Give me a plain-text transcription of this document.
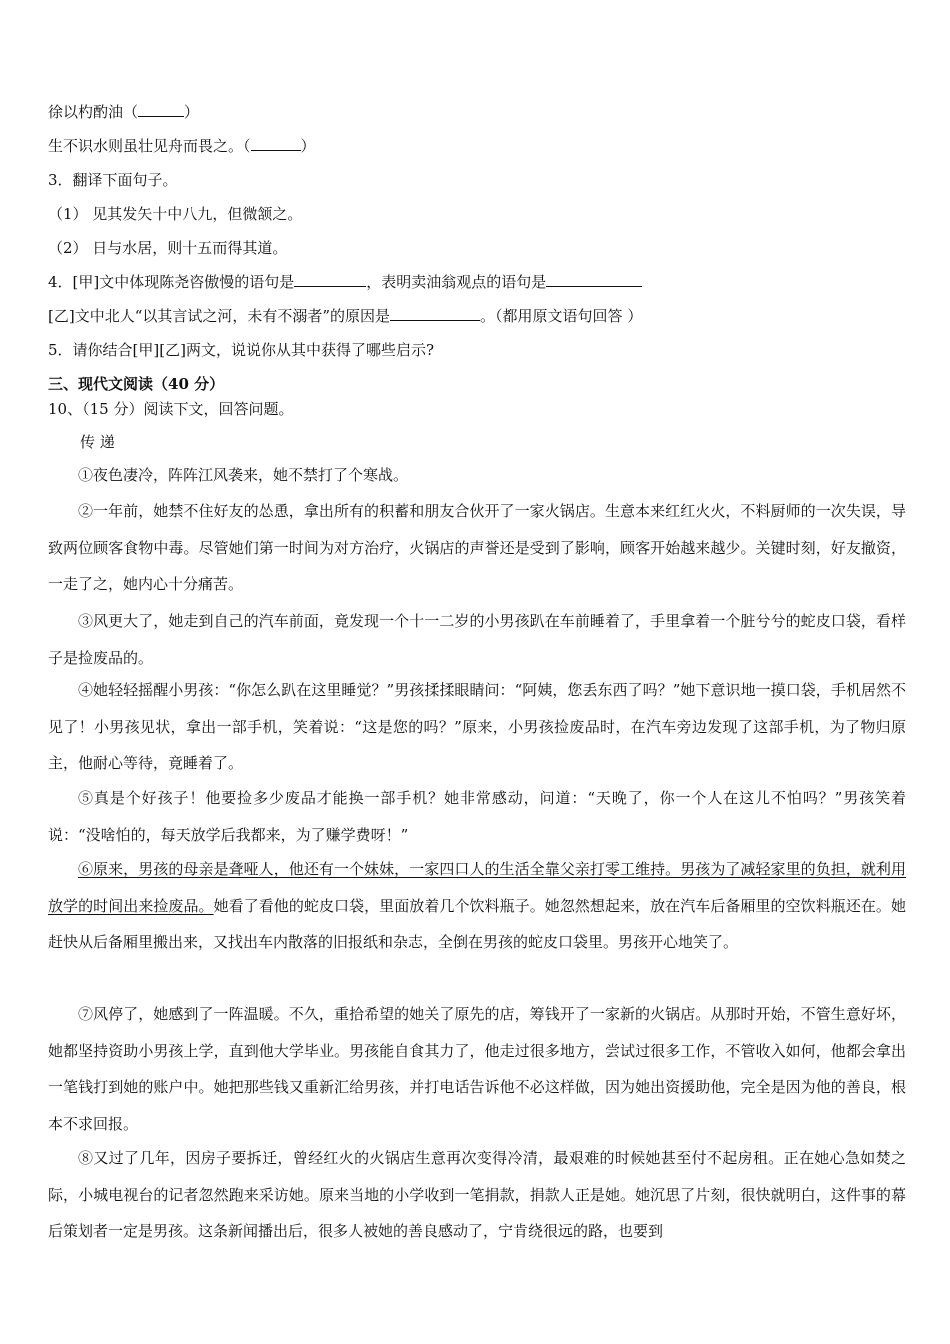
徐以杓酌油（	）
生不识水则虽壮见舟而畏之。（	）
3．翻译下面句子。
（1） 见其发矢十中八九，但微颔之。
（2） 日与水居，则十五而得其道。
4．[甲]文中体现陈尧咨傲慢的语句是	，表明卖油翁观点的语句是
[乙]文中北人“以其言试之河，未有不溺者”的原因是	。（都用原文语句回答 ）
5．请你结合[甲][乙]两文，说说你从其中获得了哪些启示?
三、现代文阅读（40 分）
10、（15 分）阅读下文，回答问题。
传 递
①夜色凄冷，阵阵江风袭来，她不禁打了个寒战。
②一年前，她禁不住好友的怂恿，拿出所有的积蓄和朋友合伙开了一家火锅店。生意本来红红火火，不料厨师的一次失误，导致两位顾客食物中毒。尽管她们第一时间为对方治疗，火锅店的声誉还是受到了影响，顾客开始越来越少。关键时刻，好友撤资，一走了之，她内心十分痛苦。
③风更大了，她走到自己的汽车前面，竟发现一个十一二岁的小男孩趴在车前睡着了，手里拿着一个脏兮兮的蛇皮口袋，看样子是捡废品的。
④她轻轻摇醒小男孩：“你怎么趴在这里睡觉？”男孩揉揉眼睛问：“阿姨，您丢东西了吗？”她下意识地一摸口袋，手机居然不见了！小男孩见状，拿出一部手机，笑着说：“这是您的吗？”原来，小男孩捡废品时，在汽车旁边发现了这部手机，为了物归原主，他耐心等待，竟睡着了。
⑤真是个好孩子！他要捡多少废品才能换一部手机？她非常感动，问道：“天晚了，你一个人在这儿不怕吗？”男孩笑着说：“没啥怕的，每天放学后我都来，为了赚学费呀！”
⑥原来，男孩的母亲是聋哑人，他还有一个妹妹，一家四口人的生活全靠父亲打零工维持。男孩为了减轻家里的负担，就利用放学的时间出来捡废品。她看了看他的蛇皮口袋，里面放着几个饮料瓶子。她忽然想起来，放在汽车后备厢里的空饮料瓶还在。她赶快从后备厢里搬出来，又找出车内散落的旧报纸和杂志，全倒在男孩的蛇皮口袋里。男孩开心地笑了。
⑦风停了，她感到了一阵温暖。不久，重拾希望的她关了原先的店，筹钱开了一家新的火锅店。从那时开始，不管生意好坏，她都坚持资助小男孩上学，直到他大学毕业。男孩能自食其力了，他走过很多地方，尝试过很多工作，不管收入如何，他都会拿出一笔钱打到她的账户中。她把那些钱又重新汇给男孩，并打电话告诉他不必这样做，因为她出资援助他，完全是因为他的善良，根本不求回报。
⑧又过了几年，因房子要拆迁，曾经红火的火锅店生意再次变得冷清，最艰难的时候她甚至付不起房租。正在她心急如焚之际，小城电视台的记者忽然跑来采访她。原来当地的小学收到一笔捐款，捐款人正是她。她沉思了片刻，很快就明白，这件事的幕后策划者一定是男孩。这条新闻播出后，很多人被她的善良感动了，宁肯绕很远的路，也要到
